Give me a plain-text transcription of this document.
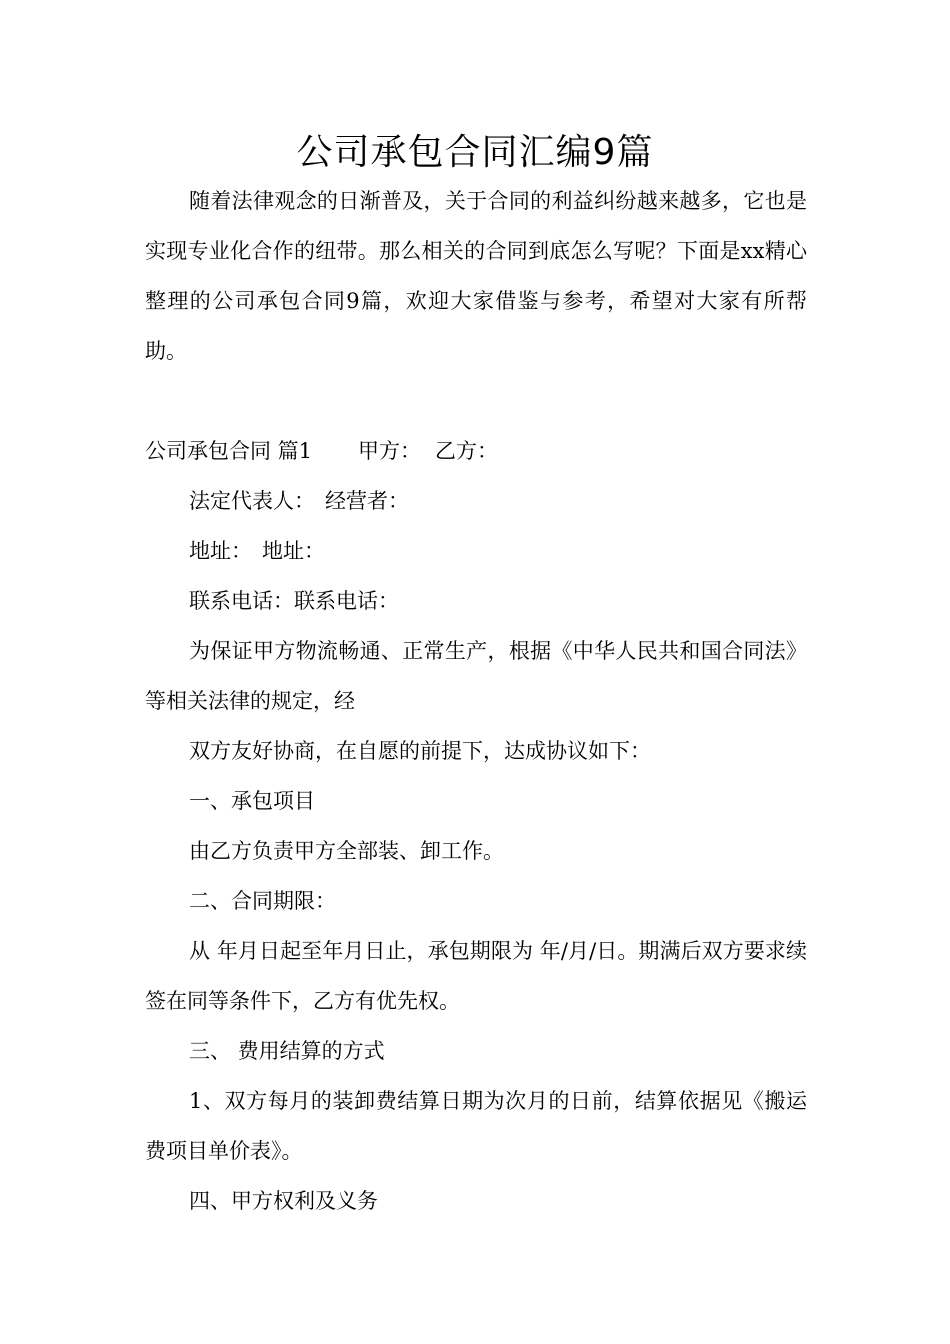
公司承包合同汇编9篇

随着法律观念的日渐普及，关于合同的利益纠纷越来越多，它也是实现专业化合作的纽带。那么相关的合同到底怎么写呢？下面是xx精心整理的公司承包合同9篇，欢迎大家借鉴与参考，希望对大家有所帮助。

公司承包合同 篇1 甲方： 乙方：

法定代表人： 经营者：

地址： 地址：

联系电话：联系电话：

为保证甲方物流畅通、正常生产，根据《中华人民共和国合同法》等相关法律的规定，经

双方友好协商，在自愿的前提下，达成协议如下：

一、承包项目

由乙方负责甲方全部装、卸工作。

二、合同期限：

从 年月日起至年月日止，承包期限为 年/月/日。期满后双方要求续签在同等条件下，乙方有优先权。

三、 费用结算的方式

1、双方每月的装卸费结算日期为次月的日前，结算依据见《搬运费项目单价表》。

四、甲方权利及义务
